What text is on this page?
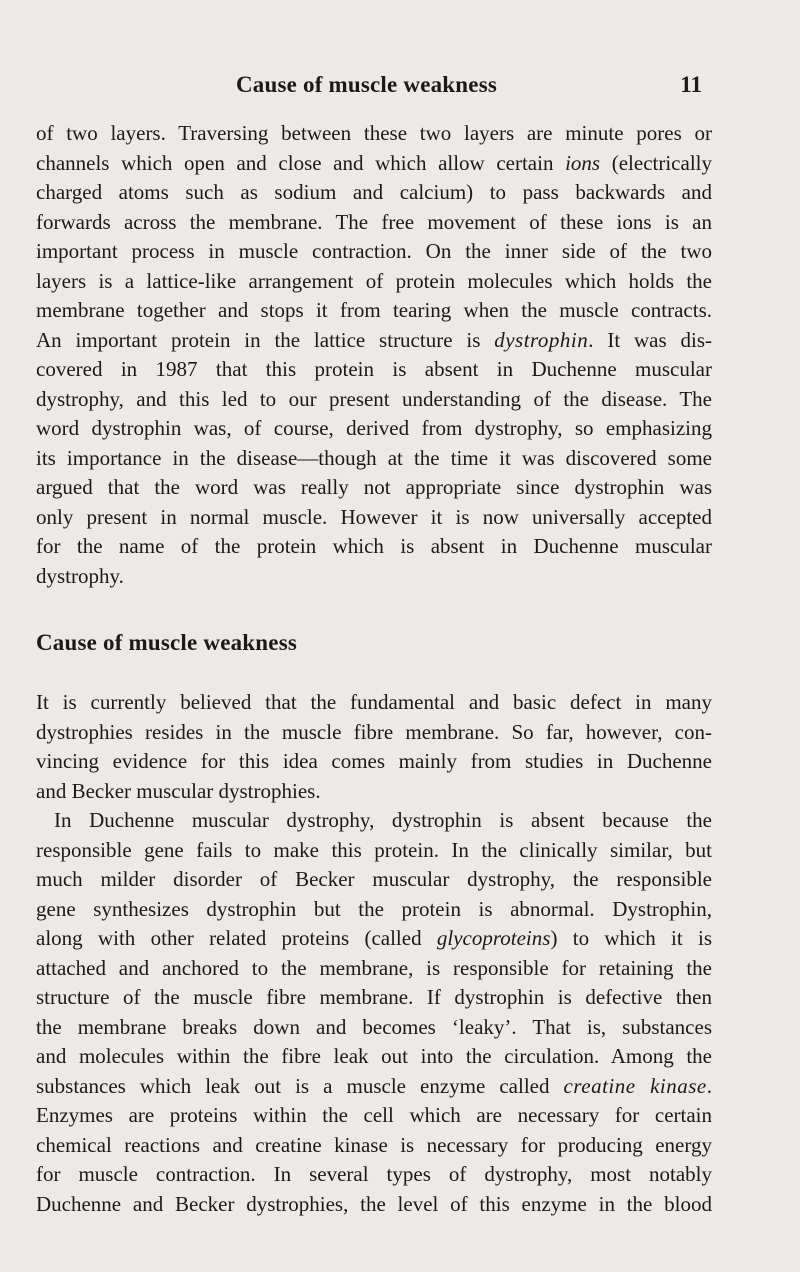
Cause of muscle weakness	11

of two layers. Traversing between these two layers are minute pores or

channels which open and close and which allow certain ions (electrically

charged atoms such as sodium and calcium) to pass backwards and

forwards across the membrane. The free movement of these ions is an

important process in muscle contraction. On the inner side of the two

layers is a lattice-like arrangement of protein molecules which holds the

membrane together and stops it from tearing when the muscle contracts.

An important protein in the lattice structure is dystrophin. It was dis-

covered in 1987 that this protein is absent in Duchenne muscular

dystrophy, and this led to our present understanding of the disease. The

word dystrophin was, of course, derived from dystrophy, so emphasizing

its importance in the disease—though at the time it was discovered some

argued that the word was really not appropriate since dystrophin was

only present in normal muscle. However it is now universally accepted

for the name of the protein which is absent in Duchenne muscular

dystrophy.

Cause of muscle weakness

It is currently believed that the fundamental and basic defect in many

dystrophies resides in the muscle fibre membrane. So far, however, con-

vincing evidence for this idea comes mainly from studies in Duchenne

and Becker muscular dystrophies.

In Duchenne muscular dystrophy, dystrophin is absent because the

responsible gene fails to make this protein. In the clinically similar, but

much milder disorder of Becker muscular dystrophy, the responsible

gene synthesizes dystrophin but the protein is abnormal. Dystrophin,

along with other related proteins (called glycoproteins) to which it is

attached and anchored to the membrane, is responsible for retaining the

structure of the muscle fibre membrane. If dystrophin is defective then

the membrane breaks down and becomes ‘leaky’. That is, substances

and molecules within the fibre leak out into the circulation. Among the

substances which leak out is a muscle enzyme called creatine kinase.

Enzymes are proteins within the cell which are necessary for certain

chemical reactions and creatine kinase is necessary for producing energy

for muscle contraction. In several types of dystrophy, most notably

Duchenne and Becker dystrophies, the level of this enzyme in the blood
